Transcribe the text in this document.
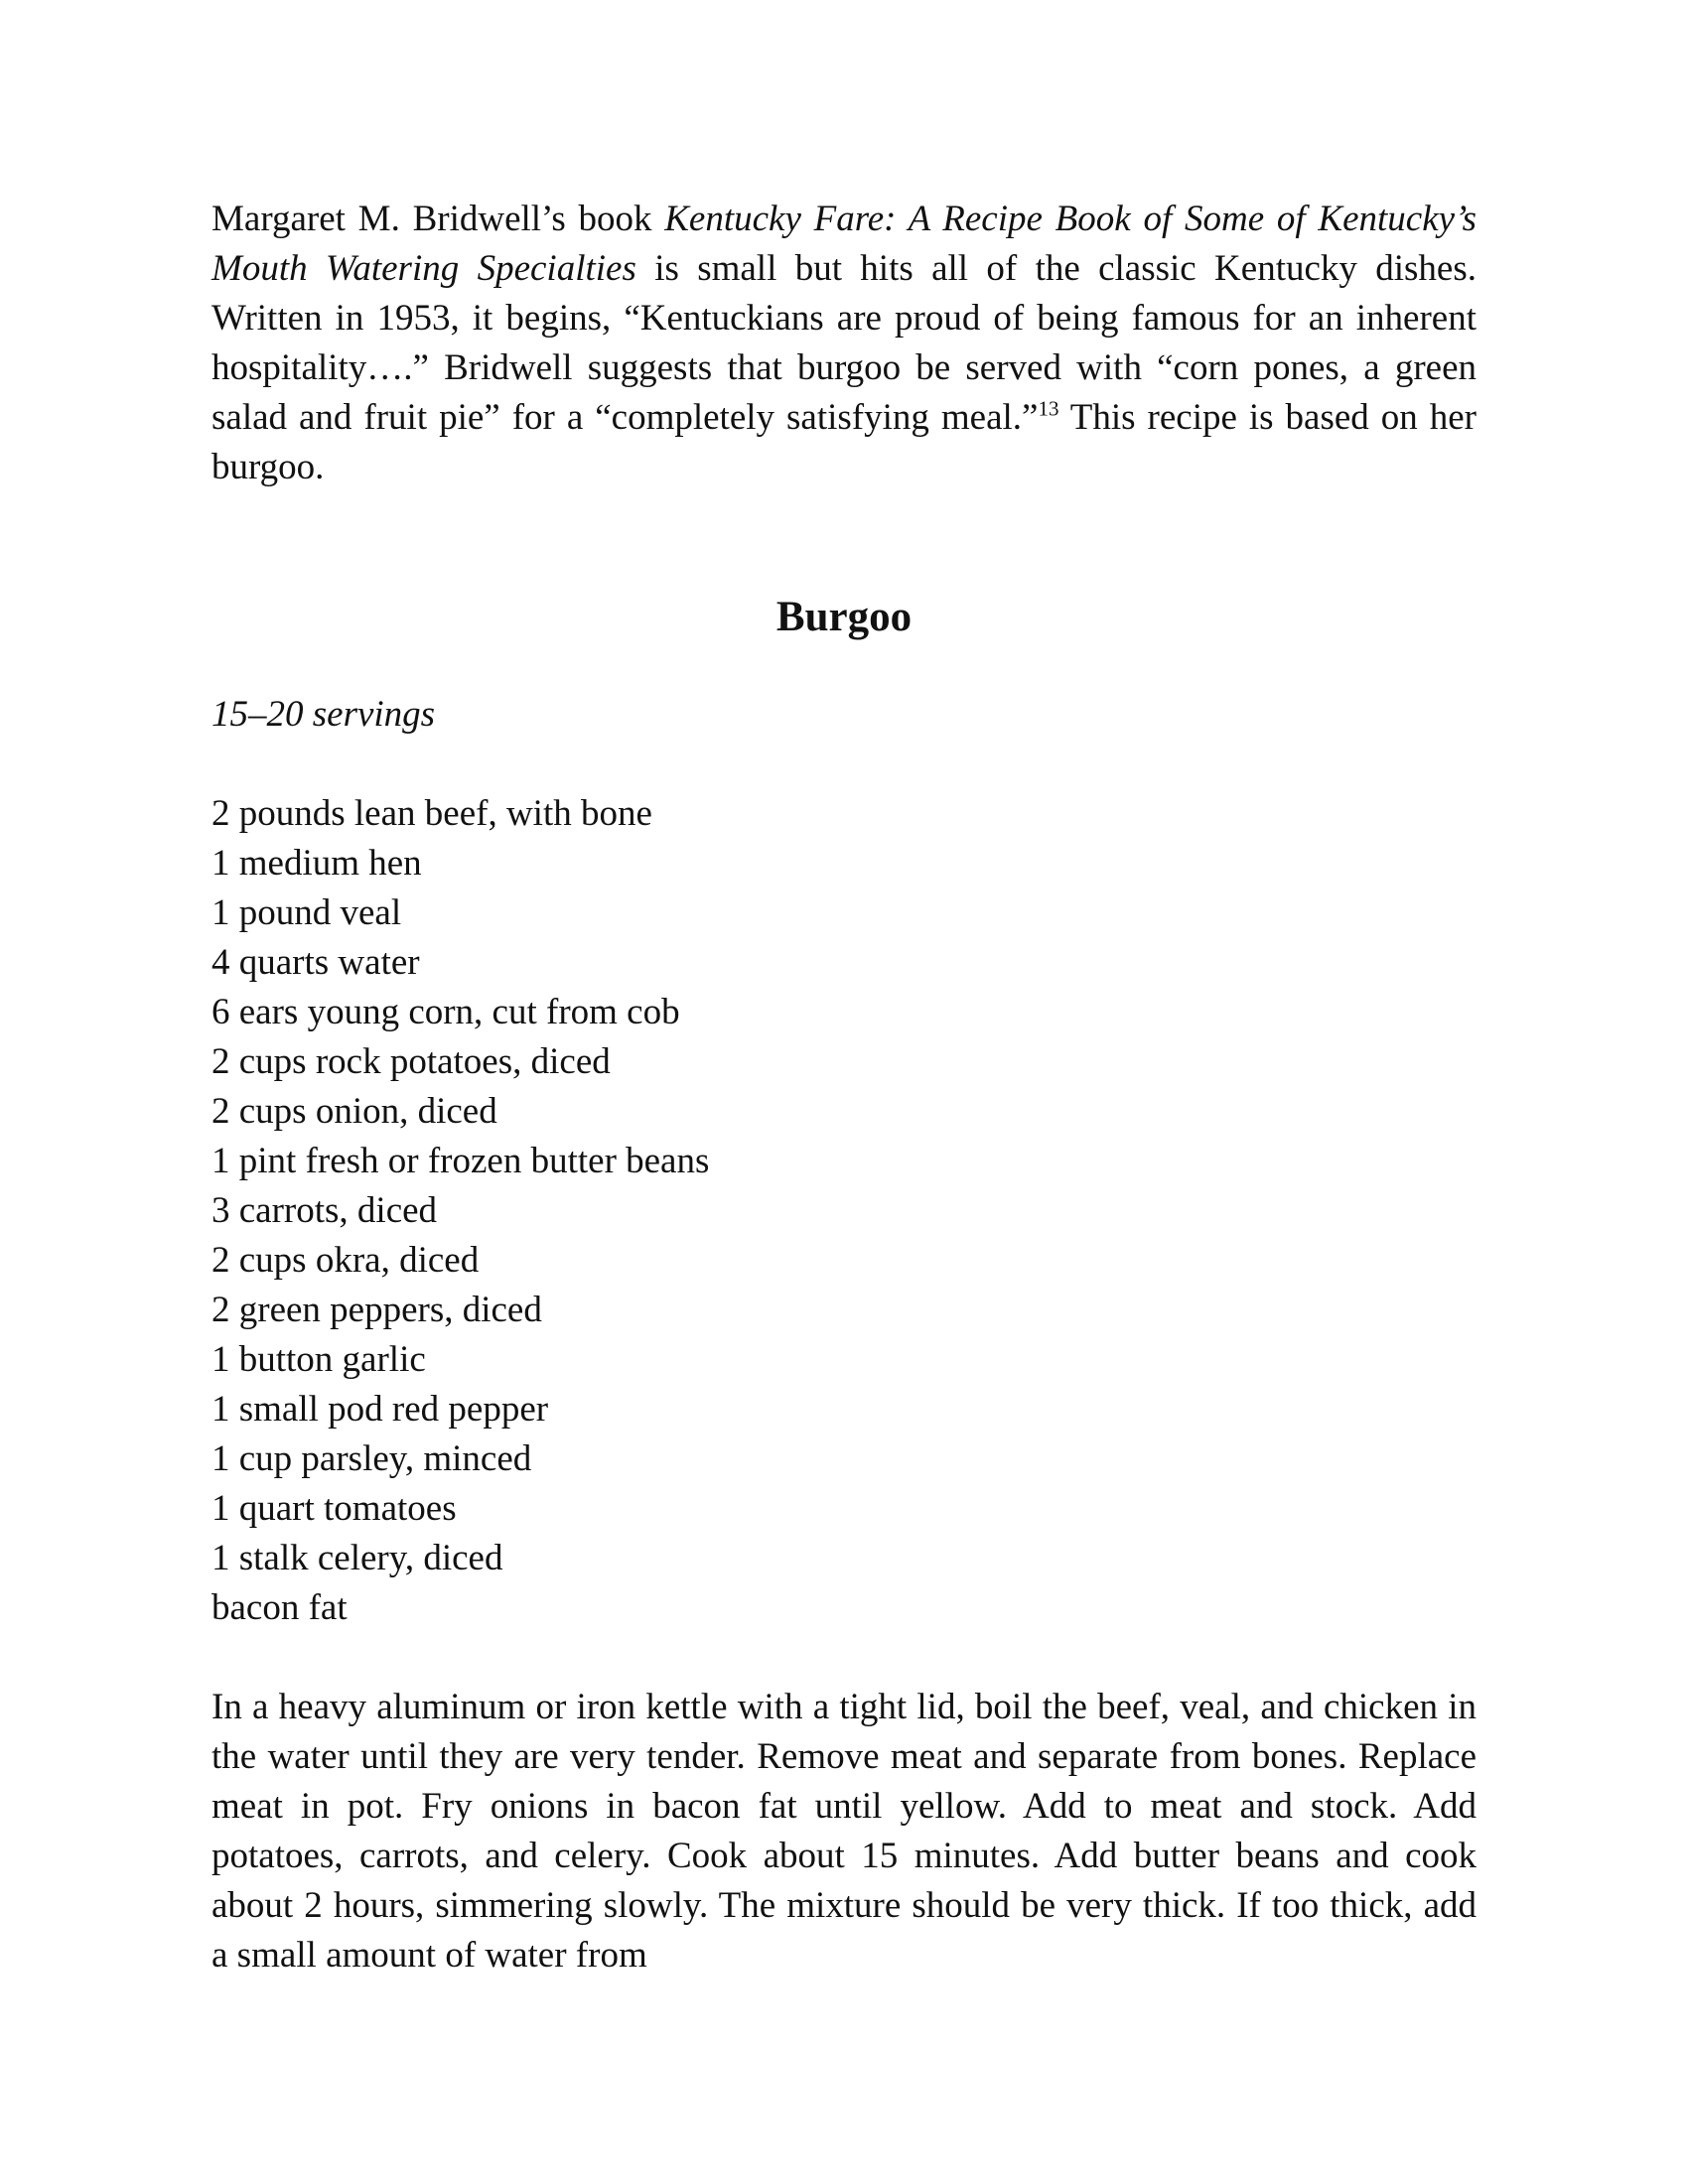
Margaret M. Bridwell’s book Kentucky Fare: A Recipe Book of Some of Kentucky’s Mouth Watering Specialties is small but hits all of the classic Kentucky dishes. Written in 1953, it begins, “Kentuckians are proud of being famous for an inherent hospitality….” Bridwell suggests that burgoo be served with “corn pones, a green salad and fruit pie” for a “completely satisfying meal.”$^{13}$ This recipe is based on her burgoo.

Burgoo

15–20 servings

2 pounds lean beef, with bone
1 medium hen
1 pound veal
4 quarts water
6 ears young corn, cut from cob
2 cups rock potatoes, diced
2 cups onion, diced
1 pint fresh or frozen butter beans
3 carrots, diced
2 cups okra, diced
2 green peppers, diced
1 button garlic
1 small pod red pepper
1 cup parsley, minced
1 quart tomatoes
1 stalk celery, diced
bacon fat

In a heavy aluminum or iron kettle with a tight lid, boil the beef, veal, and chicken in the water until they are very tender. Remove meat and separate from bones. Replace meat in pot. Fry onions in bacon fat until yellow. Add to meat and stock. Add potatoes, carrots, and celery. Cook about 15 minutes. Add butter beans and cook about 2 hours, simmering slowly. The mixture should be very thick. If too thick, add a small amount of water from
